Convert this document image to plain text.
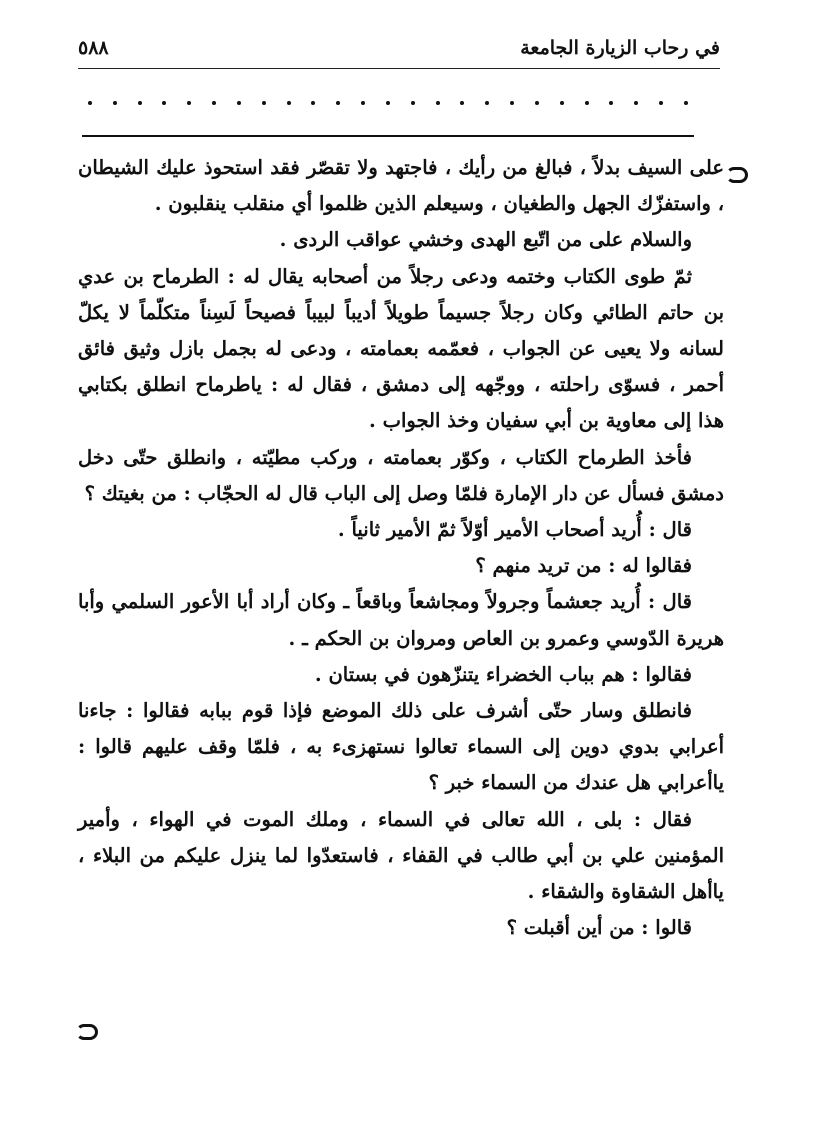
في رحاب الزيارة الجامعة
٥٨٨

على السيف بدلاً ، فبالغ من رأيك ، فاجتهد ولا تقصّر فقد استحوذ عليك الشيطان ، واستفزّك الجهل والطغيان ، وسيعلم الذين ظلموا أي منقلب ينقلبون .

والسلام على من اتّبع الهدى وخشي عواقب الردى .

ثمّ طوى الكتاب وختمه ودعى رجلاً من أصحابه يقال له : الطرماح بن عدي بن حاتم الطائي وكان رجلاً جسيماً طويلاً أديباً لبيباً فصيحاً لَسِناً متكلّماً لا يكلّ لسانه ولا يعيى عن الجواب ، فعمّمه بعمامته ، ودعى له بجمل بازل وثيق فائق أحمر ، فسوّى راحلته ، ووجّهه إلى دمشق ، فقال له : ياطرماح انطلق بكتابي هذا إلى معاوية بن أبي سفيان وخذ الجواب .

فأخذ الطرماح الكتاب ، وكوّر بعمامته ، وركب مطيّته ، وانطلق حتّى دخل دمشق فسأل عن دار الإمارة فلمّا وصل إلى الباب قال له الحجّاب : من بغيتك ؟

قال : أُريد أصحاب الأمير أوّلاً ثمّ الأمير ثانياً .

فقالوا له : من تريد منهم ؟

قال : أُريد جعشماً وجرولاً ومجاشعاً وباقعاً ـ وكان أراد أبا الأعور السلمي وأبا هريرة الدّوسي وعمرو بن العاص ومروان بن الحكم ـ .

فقالوا : هم بباب الخضراء يتنزّهون في بستان .

فانطلق وسار حتّى أشرف على ذلك الموضع فإذا قوم ببابه فقالوا : جاءنا أعرابي بدوي دوين إلى السماء تعالوا نستهزىء به ، فلمّا وقف عليهم قالوا : ياأعرابي هل عندك من السماء خبر ؟

فقال : بلى ، الله تعالى في السماء ، وملك الموت في الهواء ، وأمير المؤمنين علي بن أبي طالب في القفاء ، فاستعدّوا لما ينزل عليكم من البلاء ، ياأهل الشقاوة والشقاء .

قالوا : من أين أقبلت ؟
